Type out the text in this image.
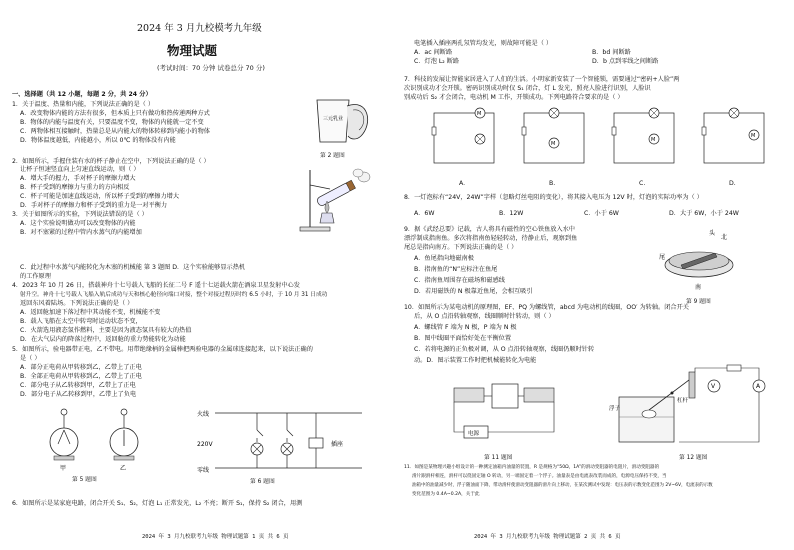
2024 年 3 月九校模考九年级
物理试题
(考试时间：70 分钟 试卷总分 70 分)
一、选择题（共 12 小题，每题 2 分，共 24 分）
1．关于温度、热量和内能，下列说法正确的是（ ）
A．改变物体内能的方法有很多，但本质上只有做功和热传递两种方式
B．物体的内能与温度有关，只要温度不变，物体的内能就一定不变
C．两物体相互接触时，热量总是从内能大的物体转移到内能小的物体
D．物体温度越低，内能越小，所以 0℃ 的物体没有内能
三元乳业
第 2 题图
2．如图所示，手握住装有水的杯子静止在空中，下列说法正确的是（ ）
让杯子恒速竖直向上匀速直线运动，则（ ）
A．增大手的握力，手对杯子的摩擦力增大
B．杯子受到的摩擦力与重力的方向相反
C．杯子可能是加速直线运动，所以杯子受到的摩擦力增大
D．手对杯子的摩擦力和杯子受到的重力是一对平衡力
3．关于如图所示的实验，下列说法错误的是（ ）
A．这个实验说明做功可以改变物体的内能
B．对不塞紧的过程中管内水蒸气的内能增加
C．此过程中水蒸气内能转化为木塞的机械能 第 3 题图 D．这个实验能够显示热机
的工作原理
4．2023 年 10 月 26 日，搭载神舟十七号载人飞船的长征二号 F 遥十七运载火箭在酒泉卫星发射中心发
射升空。神舟十七号载人飞船入轨后成功与天和核心舱径向端口对接，整个对接过程历时约 6.5 小时，于 10 月 31 日成功
返回东风着陆场。下列说法正确的是（ ）
A．返回舱加速下落过程中其动能不变，机械能不变
B．载人飞船在太空中转弯时运动状态不变，
C．火箭选用液态氢作燃料，主要是因为液态氢具有较大的热值
D．在大气层内的降落过程中，返回舱的重力势能转化为动能
5．如图所示，验电器带正电，乙不带电。用带绝缘柄的金属棒把两验电器的金属球连接起来，以下说法正确的
是（ ）
A．部分正电荷从甲转移到乙，乙带上了正电
B．全部正电荷从甲转移到乙，乙带上了正电
C．部分电子从乙转移到甲，乙带上了正电
D．部分电子从乙转移到甲，乙带上了负电
甲	乙
第 5 题图
火线
220V
零线
插座
第 6 题图
6．如图所示是某家庭电路，闭合开关 S₁、S₂，灯泡 L₁ 正常发光，L₂ 不亮；断开 S₁，保持 S₂ 闭合，用测
2024 年 3 月九校联考九年级 物理试题第 1 页 共 6 页
电笔插入插座两孔氖管均发光，则故障可能是（ ）
A．ac 间断路	B．bd 间断路
C．灯泡 L₂ 断路	D．b 点到零线之间断路
7．科技的发展让智能家居进入了人们的生活。小明家新安装了一个智能锁，需要通过“密码+人脸”两
次识别成功才会开锁。密码识别成功时仅 S₁ 闭合，灯 L 发光，照亮人脸进行识别，人脸识
别成功后 S₂ 才会闭合，电动机 M 工作，开锁成功。下列电路符合要求的是（ ）
M
M
M
M
A.	B.	C.	D.
8．一灯泡标有“24V，24W”字样（忽略灯丝电阻的变化），将其接入电压为 12V 时，灯泡的实际功率为（ ）
A．6W	B．12W	C．小于 6W	D．大于 6W，小于 24W
9．据《武经总要》记载，古人将具有磁性的空心铁鱼放入水中
漂浮制成指南鱼。多次将指南鱼轻轻转动，待静止后，观察到鱼
尾总是指向南方。下列说法正确的是（ ）
A．鱼尾指向地磁南极
B．指南鱼的“N”应标注在鱼尾
C．指南鱼周围存在磁场和磁感线
D．若用磁铁的 N 极靠近鱼尾，会相互吸引
头
北
尾
南
第 9 题图
10．如图所示为某电动机的原理图，EF、PQ 为螺线管，abcd 为电动机的线圈，OO′ 为转轴。闭合开关
后，从 O 点沿转轴观察，线圈顺时针转动，则（ ）
A．螺线管 F 端为 N 极，P 端为 N 极
B．图中线圈平面恰好处在平衡位置
C．若将电源的正负极对调，从 O 点沿转轴观察，线圈仍顺时针转
动。D．图示装置工作时把机械能转化为电能
电源
第 11 题图
浮子
杠杆
V	A
第 12 题图
11．如图是某物理兴趣小组设计的一种测定油箱内油量的装置，R 是规格为“50Ω，1A”的滑动变阻器的电阻片，滑动变阻器的
滑片跟滑杆相连，滑杆可以绕固定轴 O 转动，另一端固定着一个浮子。油量表是由电流表改装而成的，电源电压保持不变，当
油箱中的油量减少时，浮子随油面下降，带动滑杆使滑动变阻器的滑片向上移动，在某次测试中发现：电压表的示数变化范围为 2V~6V，电流表的示数
变化范围为 0.4A~0.2A，关于此
2024 年 3 月九校联考九年级 物理试题第 2 页 共 6 页
